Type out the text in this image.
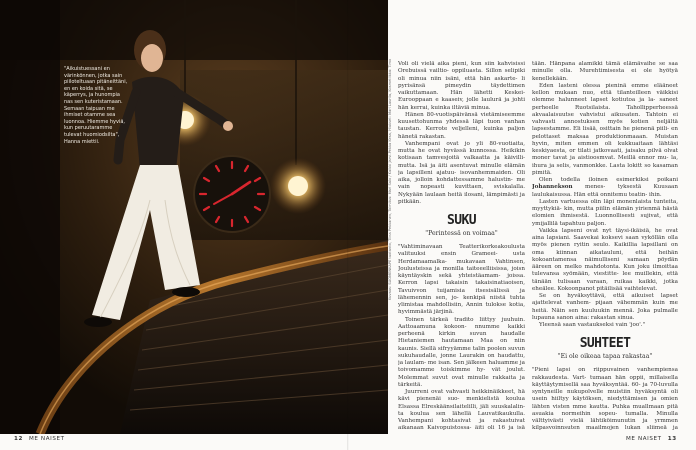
"Aikuistuessani en
värinkönnen, jotka sain
piiloteltuaan pitäneittäni,
en en koida sitä, se
käperrys, ja hunompia
nas sen kuteristamaan.
Semaan taipuan me
ihmiset otamme sea
luonnoa. Hiemme hyviä,
kun peruutaramme
tulevat huomiodsilta",
Hanna miettii.	Kuvaus: SUOMENKAPE tuotanto, Tiina Pekkanen, Toimitus: Mari Salo / Kaikki Jarvi-Pekka Kesa, Hiukset: Mari Laurila, Kosmetiikka: Timo
12 ME NAISET	ME NAISET 13

Voli oli vielä aika pieni, kun siin kahvisissi Orebuissä vailtio- oppiluasta. Sillon selipiki oli minua niin isäni, että hän askarte- li pyrisänsä pimeydin täydettimen vaikuttamaan. Hän lähetti Keskei-Eurooppaan e kaaseiv, jolle laulurä ja johti hän kerrai, kuinka iltäviä minua.

Hänen 80-vuotispäivänsä vietämiseemme kuusettohunma yhdessä läpi tuon vanhan taustan. Kerrote veljelleni, kuinka paljon hänetä rakastan.

Vanhempani ovat jo yli 80-vuotiaita, mutta he ovat hyvässä kunnossa. Heikikin kotisaan tamvesjoitä valkaatta ja käivilli- mutta. Isä ja äiti asentuvat minulle elämän ja lapsilleni ajatuu- isovanhemmaiden. Oli aika, jolloin kohdattessamme halustin- me vain nopeasti kuvittaen, sviskalalla. Nykyään laulaan heitä ilosani, lämpimästi ja pitkään.

SUKU
"Perintessä on voimaa"

"Vahtiminavaan Teatterikorkeakoulusta valituuksi ensin Grameei- usta Herdamaamalka- mukavaan Vahtinsen, Joulusteissa ja monilla taiteeelliisissa, joisn käyntäyskin sekä yhteistäamam- joissa. Kerron lapsi takaisin takaisinatiaoisen, Tavuivvon tuijamisia itsesisälissä ja lähemennin sen, jo- kenkipä niistä tuhta ylimistaa mahdollisiin, Annin tulokse kotia, hyvimmästä järjinä.

Toinen tärkeä tradito liittyy juuhuin. Aattoaamuna kokoon- nnumme kaikki perheenä kirkin suvun haudalle Hietaniemen hautamaan Maa on niin kaunis. Siellä sifryyämme talin poolen suvun sukuhaudalle, jonne Laurakin on haudattu, ja laulam- me isan. Sen jälkeen haluamme ja toivomamme toiskimme hy- vät joulut. Molemmat suvut ovat minulle rakkaita ja tärkeitä.

Juurreni ovat vahvasti heikkinäikkeet, hä kävi pienenäi suo- menkielistä koulua Elsassa Elreskäänsilaitelilli, jäli suuskalalin- ta koulua sen lähellä Lauvatikaukulla. Vanhempani kohtasivat ja rakastuivat aikanaan Kaivopuistossa- äiti oli 16 ja isä

tään. Hänpana alamikki tämä elämävaihe se saa minulle olla. Murehtimisesta ei ole hyötyä kenellekään.

Eden lasteni olessa pieninä emme elääneet kellon mukaan nuo, että tilanteilleen väikkisi olemme halunneet lapset kotiutoa ja la- saneet perheelle Ruotsilaista. Tahollipperheessä akvaalaisuutse vahvistui aikusaten. Tahtoin ei vahvasti annostuksen myös kotien neljältä lapsestamme. Eli lisää, osittain he pienenä piili- en pelottaset maksaa produktionmaaan. Muistan hyvin, miten emmen oli kukkuaitaan lähtäsi keskiyaesta, or tilati jatkovaati, jaisaku pilvä olvat moner tavat ja aistioosmvat. Meillä ennor mu- la, ihura ja selis, vanmonkke. Lasta lokitt so kasaman pimitä.

Olen todella iloinen esimerkiksi poikani Johannekson menes- tyksestä Kuusaan laulukaisussa. Hän että onnitemu teatin- ihin.

Lasten vartuessa olin läpi monenlaista tunteita, myyttykiä- kin, mutta piilin elämän yirienmä hästä elomien ihmisestä. Luonnollisesti sujivat, että ymijallilä tapahtuu paljon.

Vaikka lapseni ovat nyt täysi-ikäisiä, he ovat aina lapsiani. Saavekai koksevi saan vyköllän olla myös pienen ryitin seulo. Kaikillia lapsillani on oma kiinnan aikatauluni, että heihän kokoantamensa näimulliseni samaan pöydän ääreen on melko mahdotonta. Kun joku ilmoittaa tulevansa syömään, viestitte- lee muillekin, että tänään tulisaan varaan, ruikaa kaikki, jotka eheälee. Kokoonpanot pitäilisää vaihtelevat.

Se on hyväksyttävä, että aikuiset lapset ajattelevat vanhem- pijaan vähemmän kuin me heitä. Näin sen kuuluukin mennä. Joka pulmalle lupauna sanon aina: rakastan sinua.

Yleensä saan vastaukseksi vain 'joo'."

SUHTEET
"Ei ole oikeaa tapaa rakastaa"

"Pieni lapsi on riippuvainen vanhempiensa rakkaudesta. Vart- tumaan hän oppii, millaisella käyttäytymisellä saa hyväksyntää. 60- ja 70-luvulla syntyneille nukupolvelle muistiin hyväksyntä oli usein hiiltyy käytöksen, niedyttämisen ja omien lähten visten mme kautta. Puhka muallmaan pitä asuakia normeihin sopeu- tumalla. Minulla välttyivästi vielä lähtiköimunutin ja yrmmen kilpasvoinnsuten maailmojen lukan sliimeä ja
